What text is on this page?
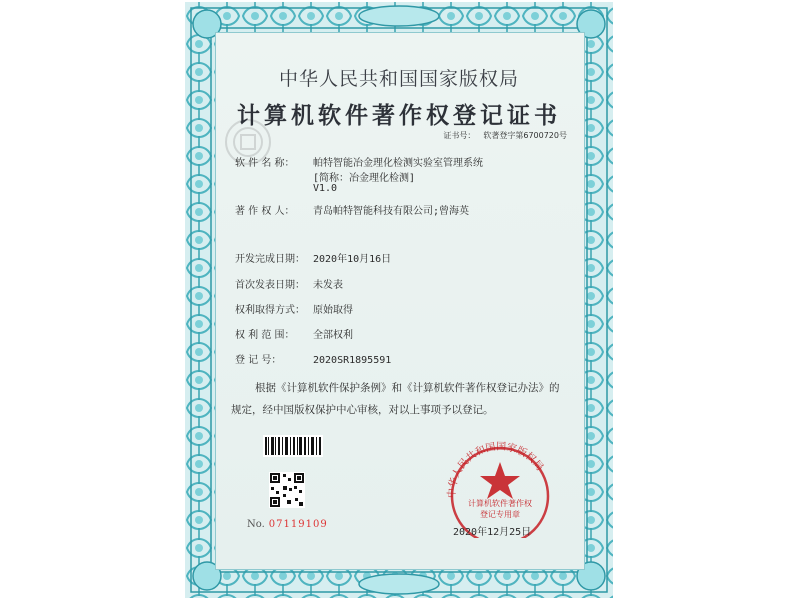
中华人民共和国国家版权局
计算机软件著作权登记证书
证书号： 软著登字第6700720号
软 件 名 称： 帕特智能冶金理化检测实验室管理系统
[简称：冶金理化检测]
V1.0
著 作 权 人： 青岛帕特智能科技有限公司;曾海英
开发完成日期： 2020年10月16日
首次发表日期： 未发表
权利取得方式： 原始取得
权 利 范 围： 全部权利
登 记 号：	2020SR1895591
根据《计算机软件保护条例》和《计算机软件著作权登记办法》的
规定，经中国版权保护中心审核，对以上事项予以登记。
No. 07119109
中华人民共和国国家版权局
计算机软件著作权
登记专用章
2020年12月25日
